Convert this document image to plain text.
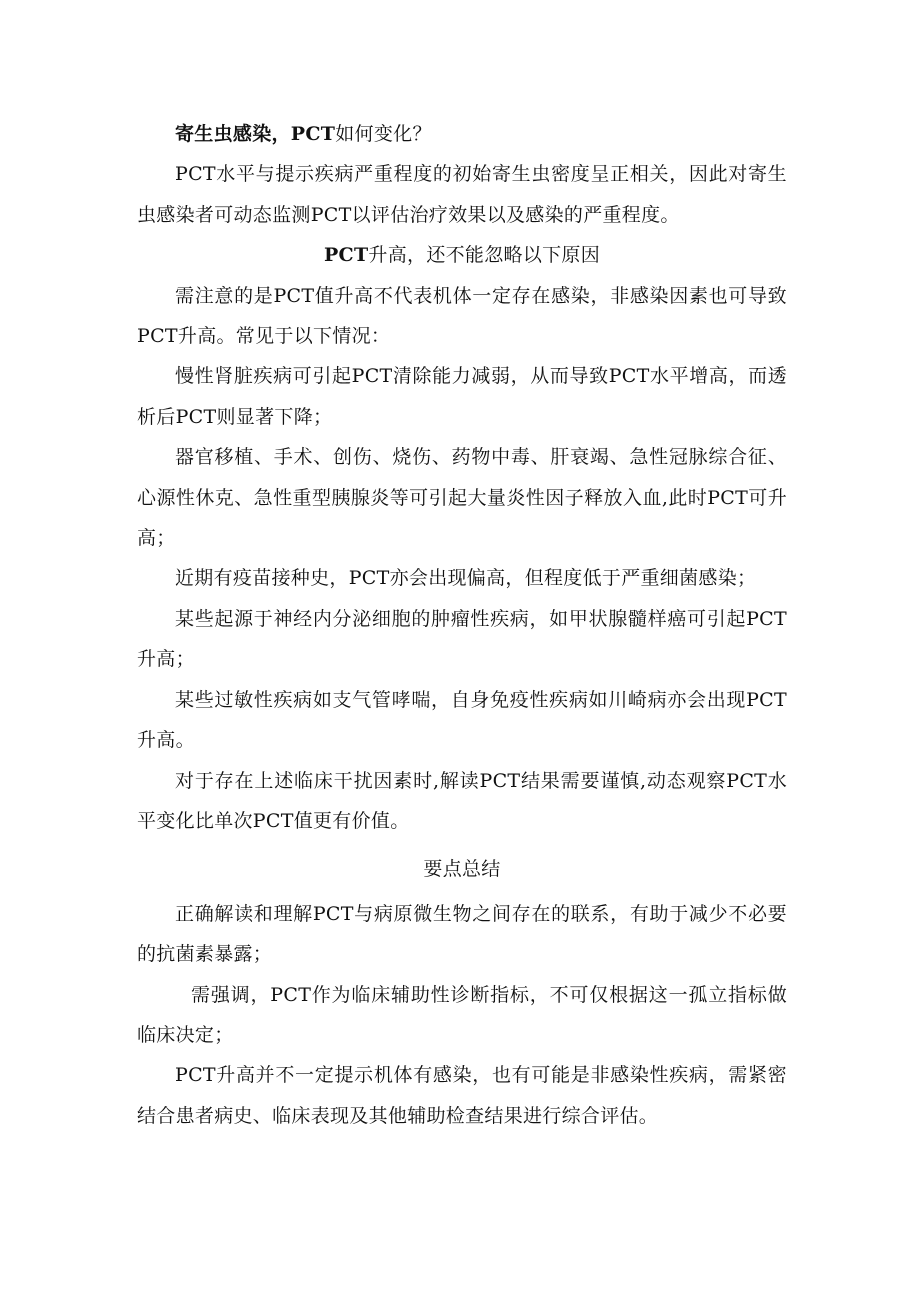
寄生虫感染，PCT如何变化？

PCT水平与提示疾病严重程度的初始寄生虫密度呈正相关，因此对寄生虫感染者可动态监测PCT以评估治疗效果以及感染的严重程度。

PCT升高，还不能忽略以下原因

需注意的是PCT值升高不代表机体一定存在感染，非感染因素也可导致PCT升高。常见于以下情况：

慢性肾脏疾病可引起PCT清除能力减弱，从而导致PCT水平增高，而透析后PCT则显著下降；

器官移植、手术、创伤、烧伤、药物中毒、肝衰竭、急性冠脉综合征、心源性休克、急性重型胰腺炎等可引起大量炎性因子释放入血,此时PCT可升高；

近期有疫苗接种史，PCT亦会出现偏高，但程度低于严重细菌感染；

某些起源于神经内分泌细胞的肿瘤性疾病，如甲状腺髓样癌可引起PCT升高；

某些过敏性疾病如支气管哮喘，自身免疫性疾病如川崎病亦会出现PCT升高。

对于存在上述临床干扰因素时,解读PCT结果需要谨慎,动态观察PCT水平变化比单次PCT值更有价值。

要点总结

正确解读和理解PCT与病原微生物之间存在的联系，有助于减少不必要的抗菌素暴露；

需强调，PCT作为临床辅助性诊断指标，不可仅根据这一孤立指标做临床决定；

PCT升高并不一定提示机体有感染，也有可能是非感染性疾病，需紧密结合患者病史、临床表现及其他辅助检查结果进行综合评估。
